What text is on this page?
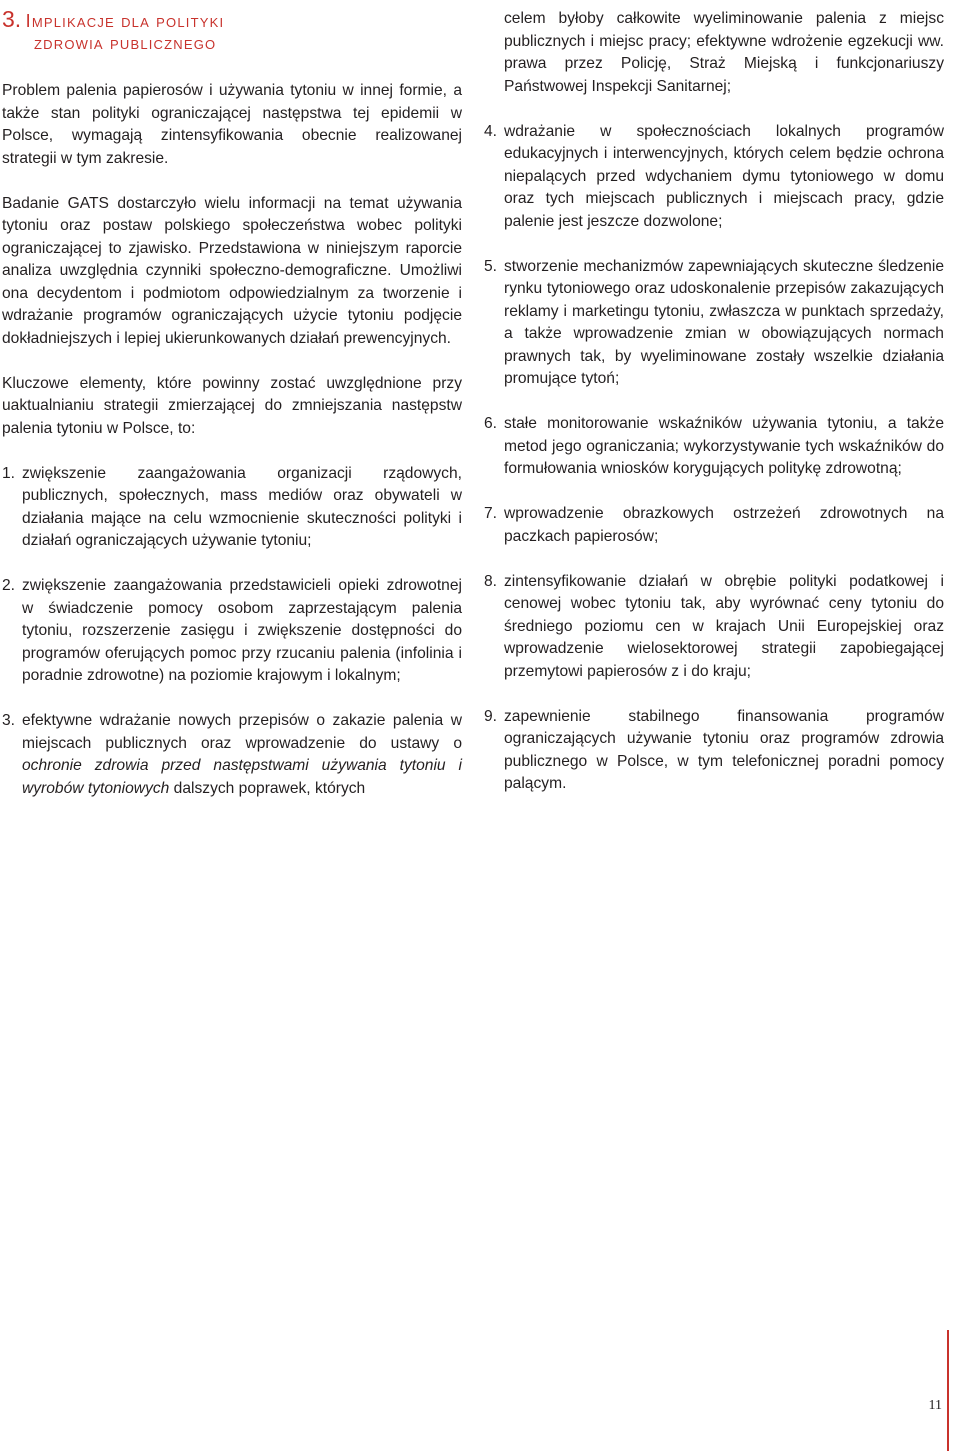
3. Implikacje dla polityki
zdrowia publicznego

Problem palenia papierosów i używania tytoniu w innej formie, a także stan polityki ograniczającej następstwa tej epidemii w Polsce, wymagają zintensyfikowania obecnie realizowanej strategii w tym zakresie.

Badanie GATS dostarczyło wielu informacji na temat używania tytoniu oraz postaw polskiego społeczeństwa wobec polityki ograniczającej to zjawisko. Przedstawiona w niniejszym raporcie analiza uwzględnia czynniki społeczno-demograficzne. Umożliwi ona decydentom i podmiotom odpowiedzialnym za tworzenie i wdrażanie programów ograniczających użycie tytoniu podjęcie dokładniejszych i lepiej ukierunkowanych działań prewencyjnych.

Kluczowe elementy, które powinny zostać uwzględnione przy uaktualnianiu strategii zmierzającej do zmniejszania następstw palenia tytoniu w Polsce, to:

1. zwiększenie zaangażowania organizacji rządowych, publicznych, społecznych, mass mediów oraz obywateli w działania mające na celu wzmocnienie skuteczności polityki i działań ograniczających używanie tytoniu;
2. zwiększenie zaangażowania przedstawicieli opieki zdrowotnej w świadczenie pomocy osobom zaprzestającym palenia tytoniu, rozszerzenie zasięgu i zwiększenie dostępności do programów oferujących pomoc przy rzucaniu palenia (infolinia i poradnie zdrowotne) na poziomie krajowym i lokalnym;
3. efektywne wdrażanie nowych przepisów o zakazie palenia w miejscach publicznych oraz wprowadzenie do ustawy o ochronie zdrowia przed następstwami używania tytoniu i wyrobów tytoniowych dalszych poprawek, których
celem byłoby całkowite wyeliminowanie palenia z miejsc publicznych i miejsc pracy; efektywne wdrożenie egzekucji ww. prawa przez Policję, Straż Miejską i funkcjonariuszy Państwowej Inspekcji Sanitarnej;
4. wdrażanie w społecznościach lokalnych programów edukacyjnych i interwencyjnych, których celem będzie ochrona niepalących przed wdychaniem dymu tytoniowego w domu oraz tych miejscach publicznych i miejscach pracy, gdzie palenie jest jeszcze dozwolone;
5. stworzenie mechanizmów zapewniających skuteczne śledzenie rynku tytoniowego oraz udoskonalenie przepisów zakazujących reklamy i marketingu tytoniu, zwłaszcza w punktach sprzedaży, a także wprowadzenie zmian w obowiązujących normach prawnych tak, by wyeliminowane zostały wszelkie działania promujące tytoń;
6. stałe monitorowanie wskaźników używania tytoniu, a także metod jego ograniczania; wykorzystywanie tych wskaźników do formułowania wniosków korygujących politykę zdrowotną;
7. wprowadzenie obrazkowych ostrzeżeń zdrowotnych na paczkach papierosów;
8. zintensyfikowanie działań w obrębie polityki podatkowej i cenowej wobec tytoniu tak, aby wyrównać ceny tytoniu do średniego poziomu cen w krajach Unii Europejskiej oraz wprowadzenie wielosektorowej strategii zapobiegającej przemytowi papierosów z i do kraju;
9. zapewnienie stabilnego finansowania programów ograniczających używanie tytoniu oraz programów zdrowia publicznego w Polsce, w tym telefonicznej poradni pomocy palącym.
11
